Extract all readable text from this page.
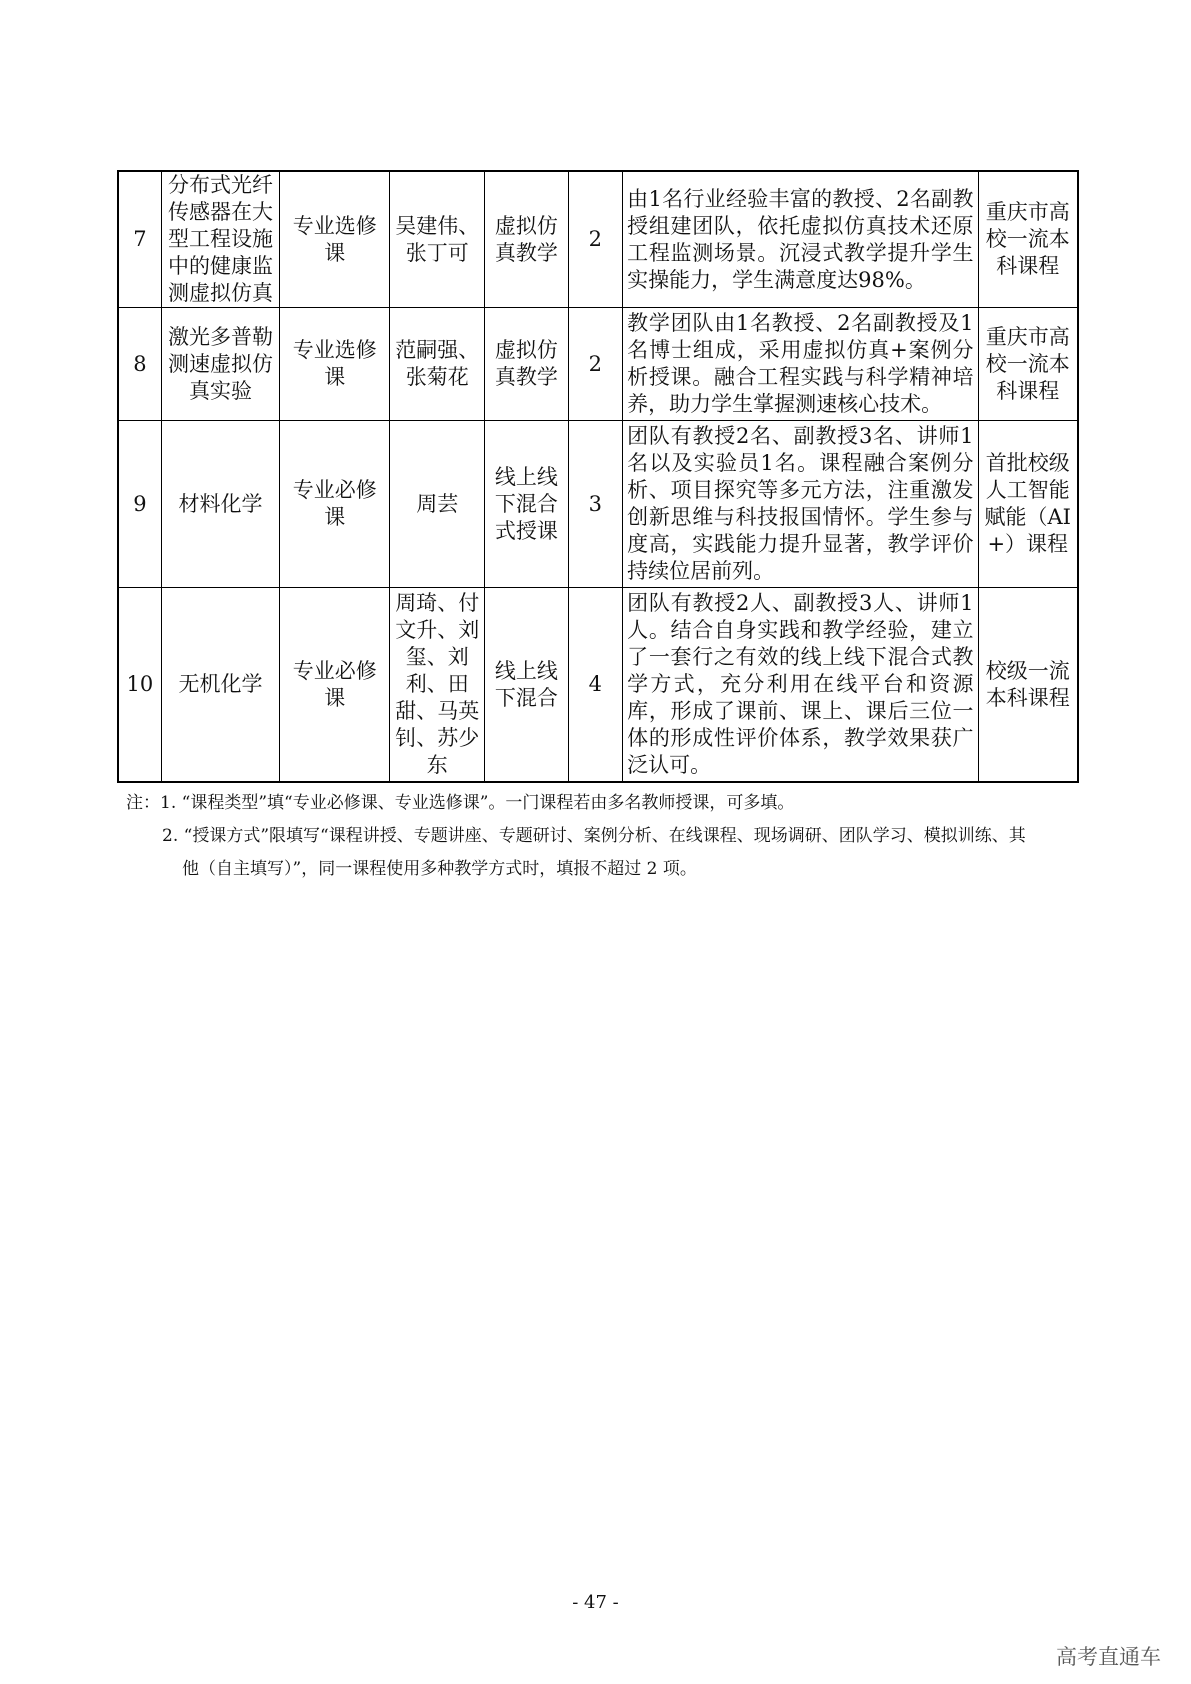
7	分布式光纤传感器在大型工程设施中的健康监测虚拟仿真	专业选修课	吴建伟、张丁可	虚拟仿真教学	2	由1名行业经验丰富的教授、2名副教授组建团队，依托虚拟仿真技术还原工程监测场景。沉浸式教学提升学生实操能力，学生满意度达98%。	重庆市高校一流本科课程
8	激光多普勒测速虚拟仿真实验	专业选修课	范嗣强、张菊花	虚拟仿真教学	2	教学团队由1名教授、2名副教授及1名博士组成，采用虚拟仿真+案例分析授课。融合工程实践与科学精神培养，助力学生掌握测速核心技术。	重庆市高校一流本科课程
9	材料化学	专业必修课	周芸	线上线下混合式授课	3	团队有教授2名、副教授3名、讲师1名以及实验员1名。课程融合案例分析、项目探究等多元方法，注重激发创新思维与科技报国情怀。学生参与度高，实践能力提升显著，教学评价持续位居前列。	首批校级人工智能赋能（AI+）课程
10	无机化学	专业必修课	周琦、付文升、刘玺、刘利、田甜、马英钊、苏少东	线上线下混合	4	团队有教授2人、副教授3人、讲师1人。结合自身实践和教学经验，建立了一套行之有效的线上线下混合式教学方式，充分利用在线平台和资源库，形成了课前、课上、课后三位一体的形成性评价体系，教学效果获广泛认可。	校级一流本科课程
注：1. “课程类型”填“专业必修课、专业选修课”。一门课程若由多名教师授课，可多填。
2. “授课方式”限填写“课程讲授、专题讲座、专题研讨、案例分析、在线课程、现场调研、团队学习、模拟训练、其
他（自主填写）”，同一课程使用多种教学方式时，填报不超过 2 项。
- 47 -
高考直通车
